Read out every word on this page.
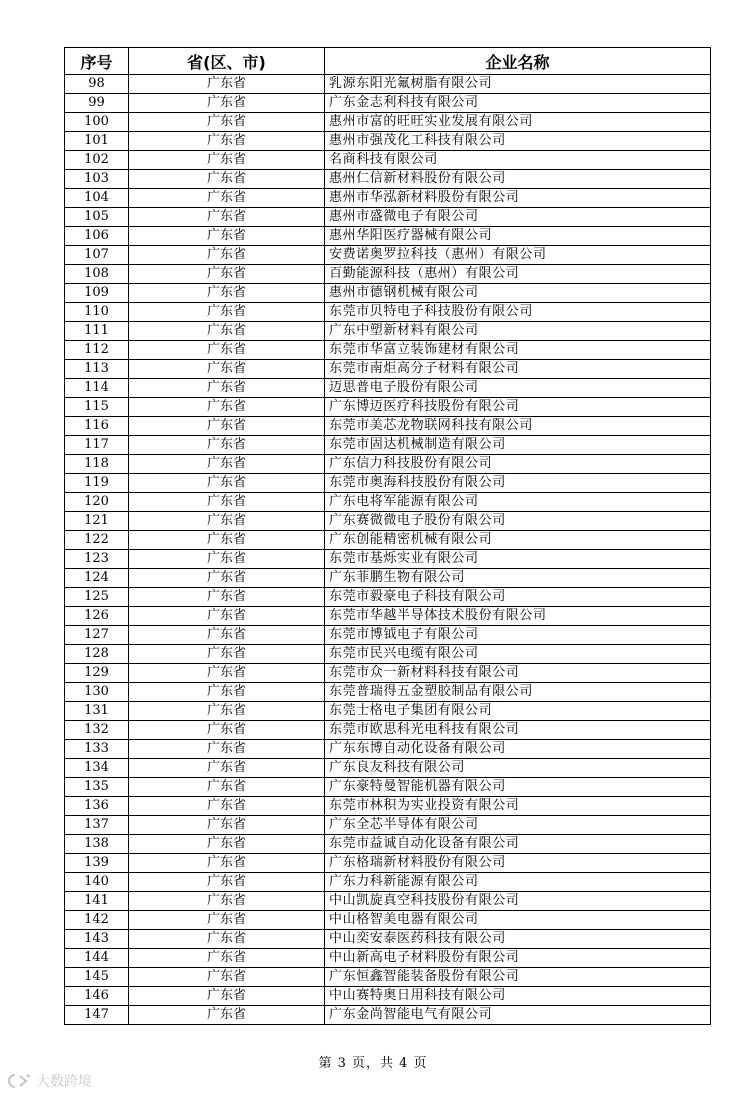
序号	省(区、市)	企业名称
98	广东省	乳源东阳光氟树脂有限公司
99	广东省	广东金志利科技有限公司
100	广东省	惠州市富的旺旺实业发展有限公司
101	广东省	惠州市强茂化工科技有限公司
102	广东省	名商科技有限公司
103	广东省	惠州仁信新材料股份有限公司
104	广东省	惠州市华泓新材料股份有限公司
105	广东省	惠州市盛微电子有限公司
106	广东省	惠州华阳医疗器械有限公司
107	广东省	安费诺奥罗拉科技（惠州）有限公司
108	广东省	百勤能源科技（惠州）有限公司
109	广东省	惠州市德钢机械有限公司
110	广东省	东莞市贝特电子科技股份有限公司
111	广东省	广东中塑新材料有限公司
112	广东省	东莞市华富立装饰建材有限公司
113	广东省	东莞市南炬高分子材料有限公司
114	广东省	迈思普电子股份有限公司
115	广东省	广东博迈医疗科技股份有限公司
116	广东省	东莞市美芯龙物联网科技有限公司
117	广东省	东莞市固达机械制造有限公司
118	广东省	广东信力科技股份有限公司
119	广东省	东莞市奥海科技股份有限公司
120	广东省	广东电将军能源有限公司
121	广东省	广东赛微微电子股份有限公司
122	广东省	广东创能精密机械有限公司
123	广东省	东莞市基烁实业有限公司
124	广东省	广东菲鹏生物有限公司
125	广东省	东莞市毅豪电子科技有限公司
126	广东省	东莞市华越半导体技术股份有限公司
127	广东省	东莞市博钺电子有限公司
128	广东省	东莞市民兴电缆有限公司
129	广东省	东莞市众一新材料科技有限公司
130	广东省	东莞普瑞得五金塑胶制品有限公司
131	广东省	东莞士格电子集团有限公司
132	广东省	东莞市欧思科光电科技有限公司
133	广东省	广东东博自动化设备有限公司
134	广东省	广东良友科技有限公司
135	广东省	广东豪特曼智能机器有限公司
136	广东省	东莞市林积为实业投资有限公司
137	广东省	广东全芯半导体有限公司
138	广东省	东莞市益诚自动化设备有限公司
139	广东省	广东格瑞新材料股份有限公司
140	广东省	广东力科新能源有限公司
141	广东省	中山凯旋真空科技股份有限公司
142	广东省	中山格智美电器有限公司
143	广东省	中山奕安泰医药科技有限公司
144	广东省	中山新高电子材料股份有限公司
145	广东省	广东恒鑫智能装备股份有限公司
146	广东省	中山赛特奥日用科技有限公司
147	广东省	广东金尚智能电气有限公司
第 3 页，共 4 页
大数跨境
